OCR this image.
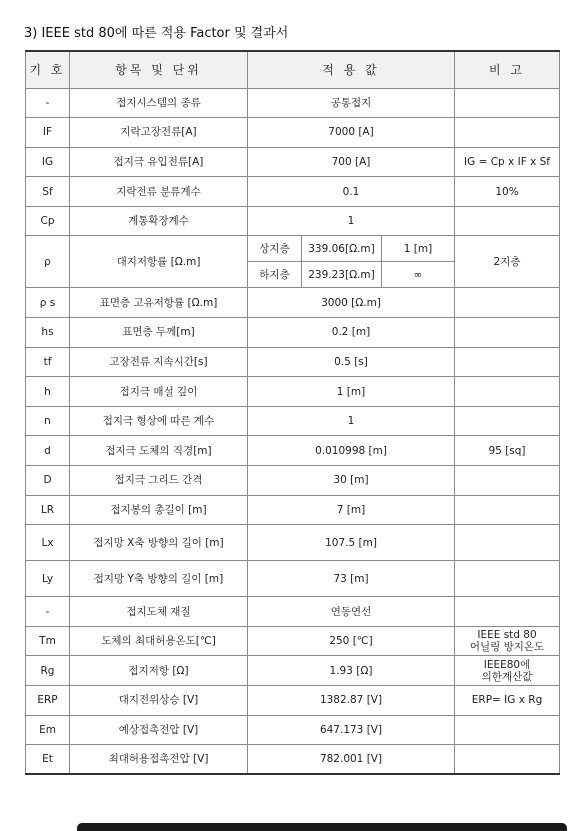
3) IEEE std 80에 따른 적용 Factor 및 결과서
기 호	항목 및 단위	적 용 값			비 고
-	접지시스템의 종류	공통접지			
IF	지락고장전류[A]	7000 [A]			
IG	접지극 유입전류[A]	700 [A]			IG = Cp x IF x Sf
Sf	지락전류 분류계수	0.1			10%
Cp	계통확장계수	1			
ρ	대지저항률 [Ω.m]	상지층	339.06[Ω.m]	1 [m]	2지층
		하지층	239.23[Ω.m]	∞	
ρ s	표면층 고유저항률 [Ω.m]	3000 [Ω.m]			
hs	표면층 두께[m]	0.2 [m]			
tf	고장전류 지속시간[s]	0.5 [s]			
h	접지극 매설 깊이	1 [m]			
n	접지극 형상에 따른 계수	1			
d	접지극 도체의 직경[m]	0.010998 [m]			95 [sq]
D	접지극 그리드 간격	30 [m]			
LR	접지봉의 총길이 [m]	7 [m]			
Lx	접지망 X축 방향의 길이 [m]	107.5 [m]			
Ly	접지망 Y축 방향의 길이 [m]	73 [m]			
-	접지도체 재질	연동연선			
Tm	도체의 최대허용온도[℃]	250 [℃]			IEEE std 80
어닐링 방지온도
Rg	접지저항 [Ω]	1.93 [Ω]			IEEE80에
의한계산값
ERP	대지전위상승 [V]	1382.87 [V]			ERP= IG x Rg
Em	예상접촉전압 [V]	647.173 [V]			
Et	최대허용접촉전압 [V]	782.001 [V]			
